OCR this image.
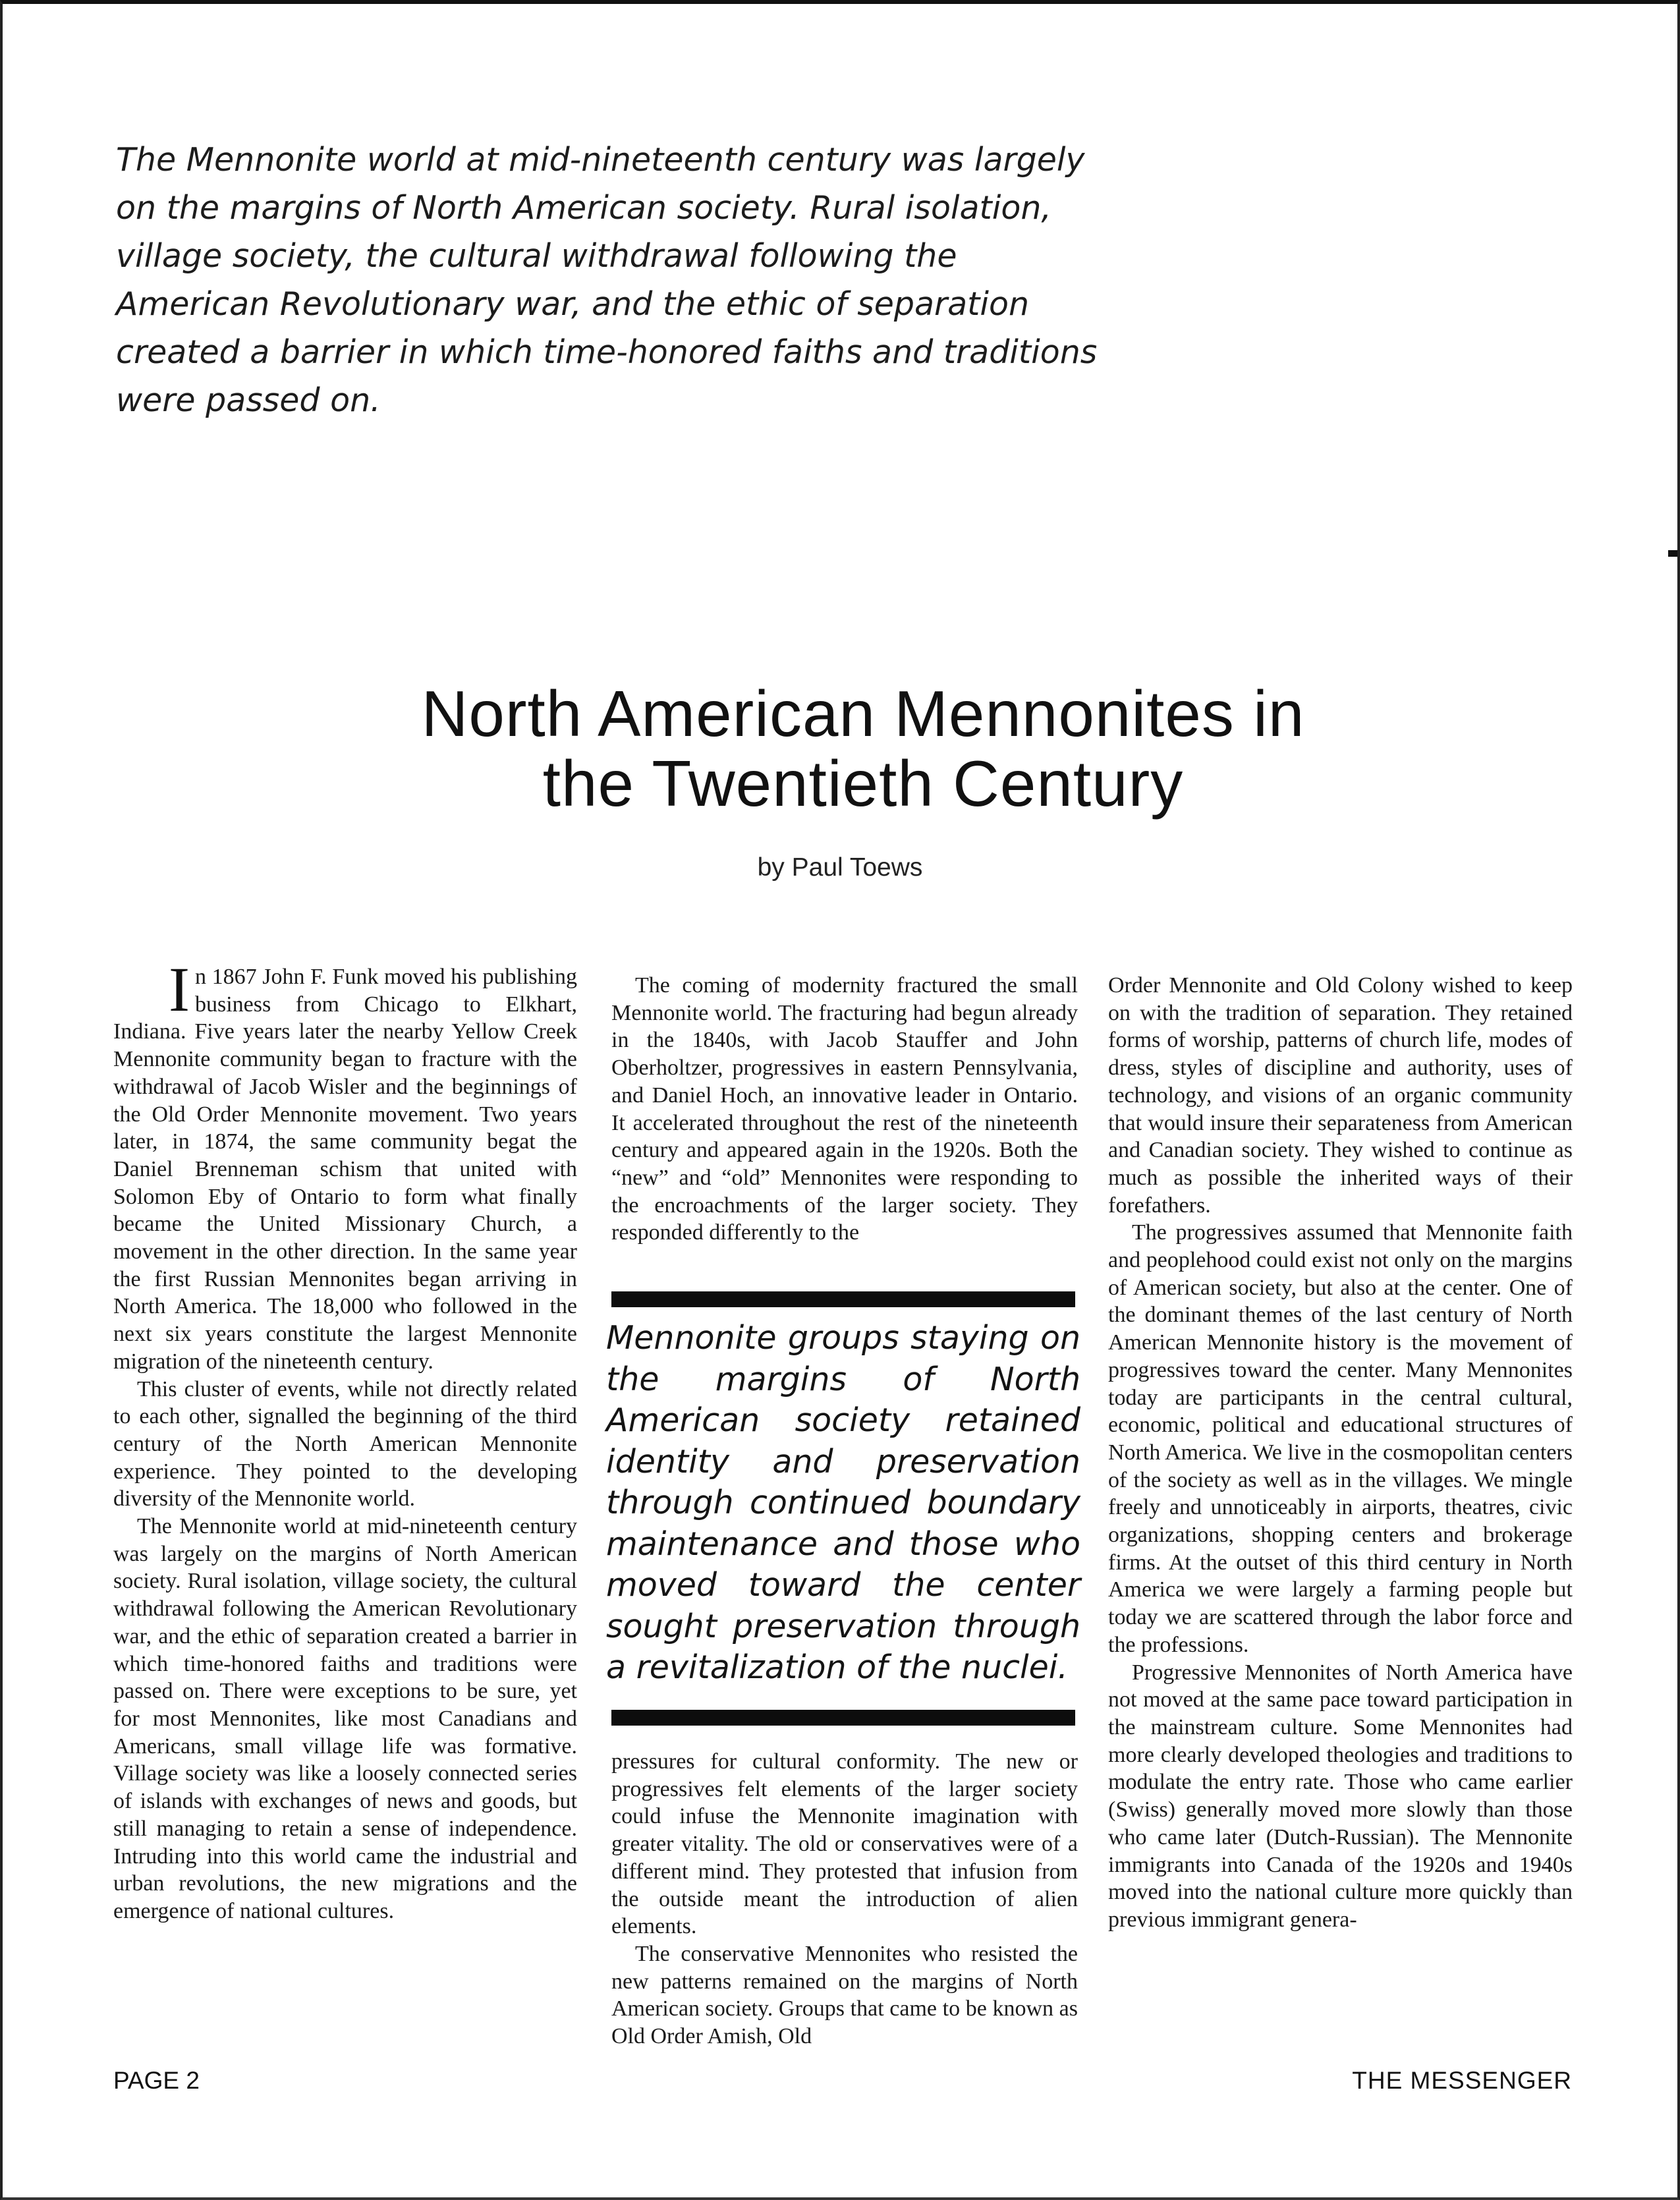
The Mennonite world at mid-nineteenth century was largely on the margins of North American society. Rural isolation, village society, the cultural withdrawal following the American Revolutionary war, and the ethic of separation created a barrier in which time-honored faiths and traditions were passed on.

North American Mennonites in
the Twentieth Century
by Paul Toews

In 1867 John F. Funk moved his publishing business from Chicago to Elkhart, Indiana. Five years later the nearby Yellow Creek Mennonite community began to fracture with the withdrawal of Jacob Wisler and the beginnings of the Old Order Mennonite movement. Two years later, in 1874, the same community begat the Daniel Brenneman schism that united with Solomon Eby of Ontario to form what finally became the United Missionary Church, a movement in the other direction. In the same year the first Russian Mennonites began arriving in North America. The 18,000 who followed in the next six years constitute the largest Mennonite migration of the nineteenth century.

This cluster of events, while not directly related to each other, signalled the beginning of the third century of the North American Mennonite experience. They pointed to the developing diversity of the Mennonite world.

The Mennonite world at mid-nineteenth century was largely on the margins of North American society. Rural isolation, village society, the cultural withdrawal following the American Revolutionary war, and the ethic of separation created a barrier in which time-honored faiths and traditions were passed on. There were exceptions to be sure, yet for most Mennonites, like most Canadians and Americans, small village life was formative. Village society was like a loosely connected series of islands with exchanges of news and goods, but still managing to retain a sense of independence. Intruding into this world came the industrial and urban revolutions, the new migrations and the emergence of national cultures.

The coming of modernity fractured the small Mennonite world. The fracturing had begun already in the 1840s, with Jacob Stauffer and John Oberholtzer, progressives in eastern Pennsylvania, and Daniel Hoch, an innovative leader in Ontario. It accelerated throughout the rest of the nineteenth century and appeared again in the 1920s. Both the “new” and “old” Mennonites were responding to the encroachments of the larger society. They responded differently to the

Mennonite groups staying on the margins of North American society retained identity and preservation through continued boundary maintenance and those who moved toward the center sought preservation through a revitalization of the nuclei.

pressures for cultural conformity. The new or progressives felt elements of the larger society could infuse the Mennonite imagination with greater vitality. The old or conservatives were of a different mind. They protested that infusion from the outside meant the introduction of alien elements.

The conservative Mennonites who resisted the new patterns remained on the margins of North American society. Groups that came to be known as Old Order Amish, Old

Order Mennonite and Old Colony wished to keep on with the tradition of separation. They retained forms of worship, patterns of church life, modes of dress, styles of discipline and authority, uses of technology, and visions of an organic community that would insure their separateness from American and Canadian society. They wished to continue as much as possible the inherited ways of their forefathers.

The progressives assumed that Mennonite faith and peoplehood could exist not only on the margins of American society, but also at the center. One of the dominant themes of the last century of North American Mennonite history is the movement of progressives toward the center. Many Mennonites today are participants in the central cultural, economic, political and educational structures of North America. We live in the cosmopolitan centers of the society as well as in the villages. We mingle freely and unnoticeably in airports, theatres, civic organizations, shopping centers and brokerage firms. At the outset of this third century in North America we were largely a farming people but today we are scattered through the labor force and the professions.

Progressive Mennonites of North America have not moved at the same pace toward participation in the mainstream culture. Some Mennonites had more clearly developed theologies and traditions to modulate the entry rate. Those who came earlier (Swiss) generally moved more slowly than those who came later (Dutch-Russian). The Mennonite immigrants into Canada of the 1920s and 1940s moved into the national culture more quickly than previous immigrant genera-

PAGE 2	THE MESSENGER
